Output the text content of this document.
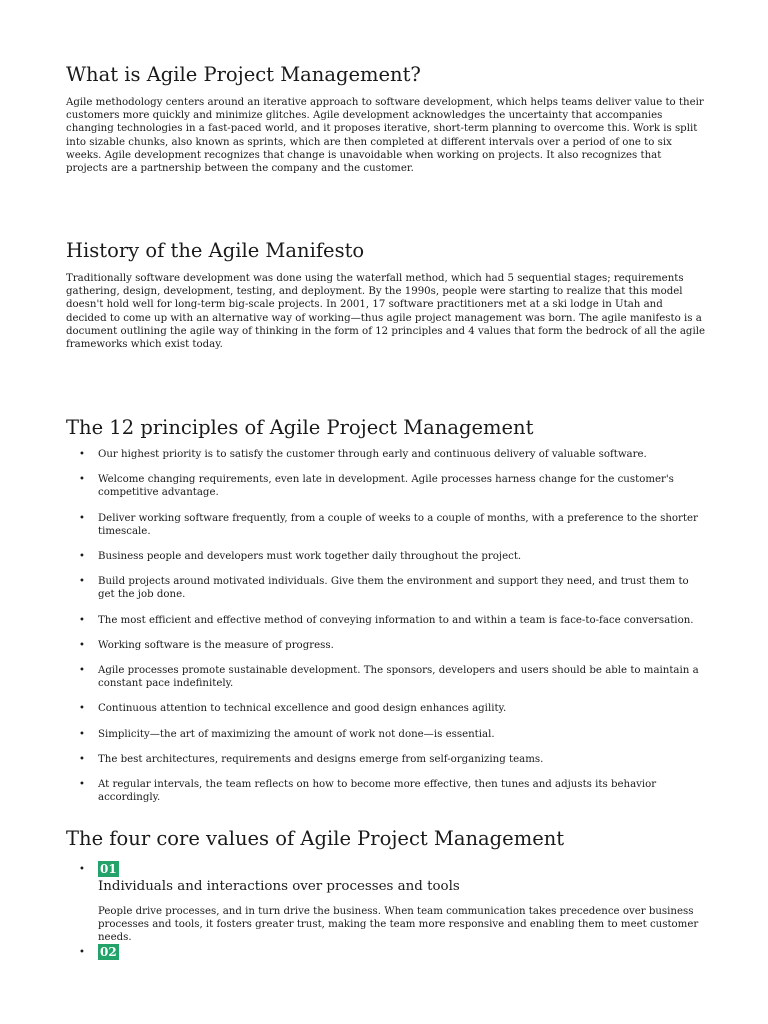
What is Agile Project Management?

Agile methodology centers around an iterative approach to software development, which helps teams deliver value to their customers more quickly and minimize glitches. Agile development acknowledges the uncertainty that accompanies changing technologies in a fast-paced world, and it proposes iterative, short-term planning to overcome this. Work is split into sizable chunks, also known as sprints, which are then completed at different intervals over a period of one to six weeks. Agile development recognizes that change is unavoidable when working on projects. It also recognizes that projects are a partnership between the company and the customer.

History of the Agile Manifesto

Traditionally software development was done using the waterfall method, which had 5 sequential stages; requirements gathering, design, development, testing, and deployment. By the 1990s, people were starting to realize that this model doesn't hold well for long-term big-scale projects. In 2001, 17 software practitioners met at a ski lodge in Utah and decided to come up with an alternative way of working—thus agile project management was born. The agile manifesto is a document outlining the agile way of thinking in the form of 12 principles and 4 values that form the bedrock of all the agile frameworks which exist today.

The 12 principles of Agile Project Management
• Our highest priority is to satisfy the customer through early and continuous delivery of valuable software.
• Welcome changing requirements, even late in development. Agile processes harness change for the customer's competitive advantage.
• Deliver working software frequently, from a couple of weeks to a couple of months, with a preference to the shorter timescale.
• Business people and developers must work together daily throughout the project.
• Build projects around motivated individuals. Give them the environment and support they need, and trust them to get the job done.
• The most efficient and effective method of conveying information to and within a team is face-to-face conversation.
• Working software is the measure of progress.
• Agile processes promote sustainable development. The sponsors, developers and users should be able to maintain a constant pace indefinitely.
• Continuous attention to technical excellence and good design enhances agility.
• Simplicity—the art of maximizing the amount of work not done—is essential.
• The best architectures, requirements and designs emerge from self-organizing teams.
• At regular intervals, the team reflects on how to become more effective, then tunes and adjusts its behavior accordingly.
The four core values of Agile Project Management
• 01
Individuals and interactions over processes and tools

People drive processes, and in turn drive the business. When team communication takes precedence over business processes and tools, it fosters greater trust, making the team more responsive and enabling them to meet customer needs.

• 02
